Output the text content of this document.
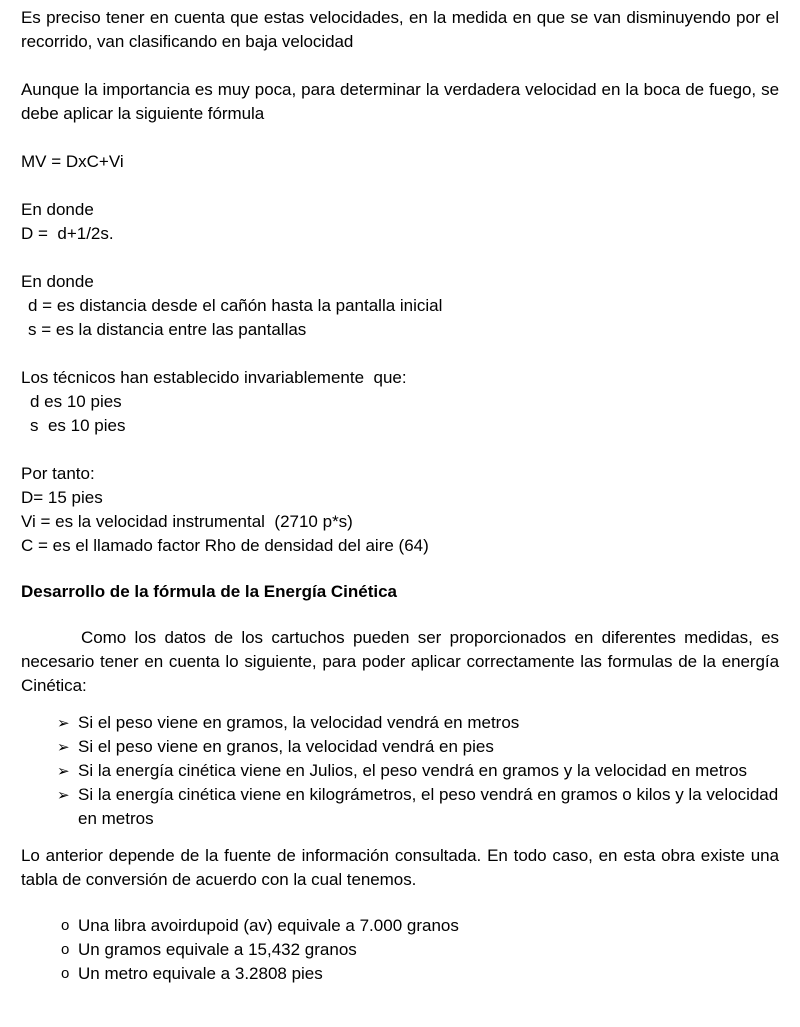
Es preciso tener en cuenta que estas velocidades, en la medida en que se van disminuyendo por el recorrido, van clasificando en baja velocidad

Aunque la importancia es muy poca, para determinar la verdadera velocidad en la boca de fuego, se debe aplicar la siguiente fórmula

MV = DxC+Vi

En donde

D =  d+1/2s.

En donde

d = es distancia desde el cañón hasta la pantalla inicial

s = es la distancia entre las pantallas

Los técnicos han establecido invariablemente  que:

d es 10 pies

s  es 10 pies

Por tanto:

D= 15 pies

Vi = es la velocidad instrumental  (2710 p*s)

C = es el llamado factor Rho de densidad del aire (64)

Desarrollo de la fórmula de la Energía Cinética

Como los datos de los cartuchos pueden ser proporcionados en diferentes medidas, es necesario tener en cuenta lo siguiente, para poder aplicar correctamente las formulas de la energía Cinética:

➢ Si el peso viene en gramos, la velocidad vendrá en metros
➢ Si el peso viene en granos, la velocidad vendrá en pies
➢ Si la energía cinética viene en Julios, el peso vendrá en gramos y la velocidad en metros
➢ Si la energía cinética viene en kilográmetros, el peso vendrá en gramos o kilos y la velocidad en metros

Lo anterior depende de la fuente de información consultada. En todo caso, en esta obra existe una tabla de conversión de acuerdo con la cual tenemos.

o Una libra avoirdupoid (av) equivale a 7.000 granos
o Un gramos equivale a 15,432 granos
o Un metro equivale a 3.2808 pies
